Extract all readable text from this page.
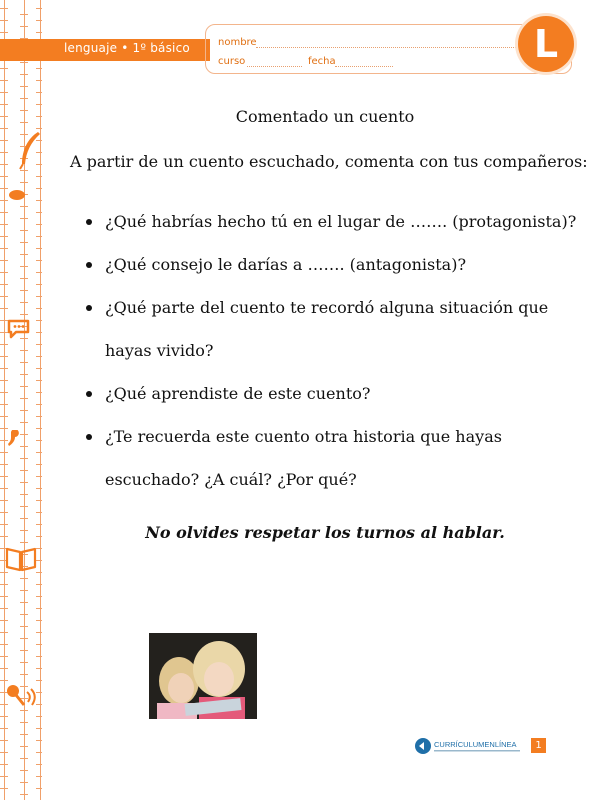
lenguaje • 1º básico	nombre
curso	fecha	L
Comentado un cuento
A partir de un cuento escuchado, comenta con tus compañeros:
¿Qué habrías hecho tú en el lugar de ……. (protagonista)?
¿Qué consejo le darías a ……. (antagonista)?
¿Qué parte del cuento te recordó alguna situación que hayas vivido?
¿Qué aprendiste de este cuento?
¿Te recuerda este cuento otra historia que hayas escuchado? ¿A cuál? ¿Por qué?
No olvides respetar los turnos al hablar.
CURRÍCULUMENLÍNEA	1
